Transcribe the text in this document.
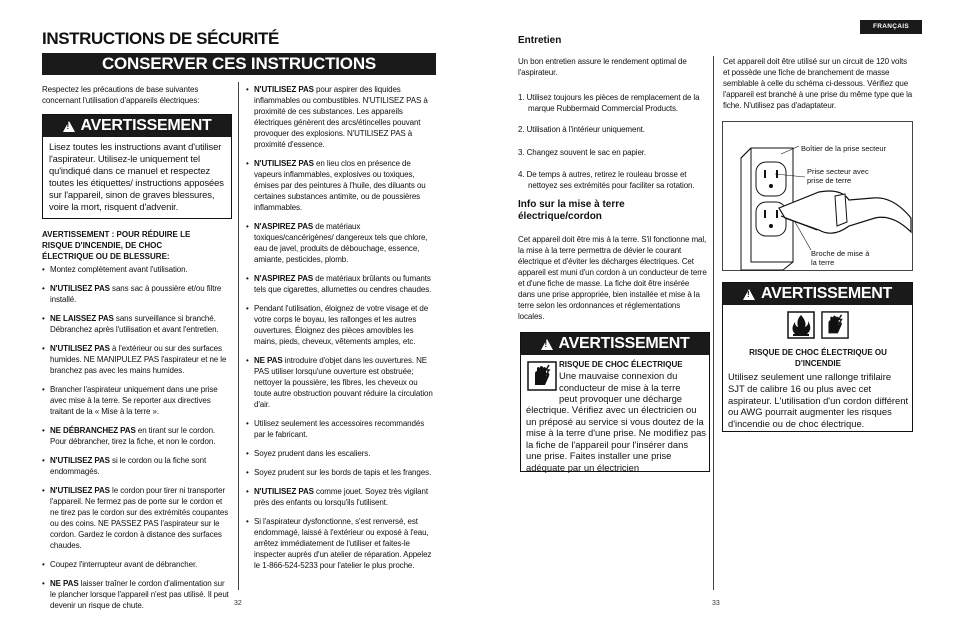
FRANÇAIS
INSTRUCTIONS DE SÉCURITÉ
CONSERVER CES INSTRUCTIONS
Respectez les précautions de base suivantes concernant l'utilisation d'appareils électriques:
!
AVERTISSEMENT
Lisez toutes les instructions avant d'utiliser l'aspirateur. Utilisez-le uniquement tel qu'indiqué dans ce manuel et respectez toutes les étiquettes/ instructions apposées sur l'appareil, sinon de graves blessures, voire la mort, risquent d'advenir.
AVERTISSEMENT : POUR RÉDUIRE LE RISQUE D'INCENDIE, DE CHOC ÉLECTRIQUE OU DE BLESSURE:
• Montez complètement avant l'utilisation.
• N'UTILISEZ PAS sans sac à poussière et/ou filtre installé.
• NE LAISSEZ PAS sans surveillance si branché. Débranchez après l'utilisation et avant l'entretien.
• N'UTILISEZ PAS à l'extérieur ou sur des surfaces humides. NE MANIPULEZ PAS l'aspirateur et ne le branchez pas avec les mains humides.
• Brancher l'aspirateur uniquement dans une prise avec mise à la terre. Se reporter aux directives traitant de la « Mise à la terre ».
• NE DÉBRANCHEZ PAS en tirant sur le cordon. Pour débrancher, tirez la fiche, et non le cordon.
• N'UTILISEZ PAS si le cordon ou la fiche sont endommagés.
• N'UTILISEZ PAS le cordon pour tirer ni transporter l'appareil. Ne fermez pas de porte sur le cordon et ne tirez pas le cordon sur des extrémités coupantes ou des coins. NE PASSEZ PAS l'aspirateur sur le cordon. Gardez le cordon à distance des surfaces chaudes.
• Coupez l'interrupteur avant de débrancher.
• NE PAS laisser traîner le cordon d'alimentation sur le plancher lorsque l'appareil n'est pas utilisé. Il peut devenir un risque de chute.
• N'UTILISEZ PAS pour aspirer des liquides inflammables ou combustibles. N'UTILISEZ PAS à proximité de ces substances. Les appareils électriques génèrent des arcs/étincelles pouvant provoquer des explosions. N'UTILISEZ PAS à proximité d'essence.
• N'UTILISEZ PAS en lieu clos en présence de vapeurs inflammables, explosives ou toxiques, émises par des peintures à l'huile, des diluants ou certaines substances antimite, ou de poussières inflammables.
• N'ASPIREZ PAS de matériaux toxiques/cancérigènes/ dangereux tels que chlore, eau de javel, produits de débouchage, essence, amiante, pesticides, plomb.
• N'ASPIREZ PAS de matériaux brûlants ou fumants tels que cigarettes, allumettes ou cendres chaudes.
• Pendant l'utilisation, éloignez de votre visage et de votre corps le boyau, les rallonges et les autres ouvertures. Éloignez des pièces amovibles les mains, pieds, cheveux, vêtements amples, etc.
• NE PAS introduire d'objet dans les ouvertures. NE PAS utiliser lorsqu'une ouverture est obstruée; nettoyer la poussière, les fibres, les cheveux ou toute autre obstruction pouvant réduire la circulation d'air.
• Utilisez seulement les accessoires recommandés par le fabricant.
• Soyez prudent dans les escaliers.
• Soyez prudent sur les bords de tapis et les franges.
• N'UTILISEZ PAS comme jouet. Soyez très vigilant près des enfants ou lorsqu'ils l'utilisent.
• Si l'aspirateur dysfonctionne, s'est renversé, est endommagé, laissé à l'extérieur ou exposé à l'eau, arrêtez immédiatement de l'utiliser et faites-le inspecter auprès d'un atelier de réparation. Appelez le 1-866-524-5233 pour l'atelier le plus proche.
32
Entretien
Un bon entretien assure le rendement optimal de l'aspirateur.
1. Utilisez toujours les pièces de remplacement de la marque Rubbermaid Commercial Products.
2. Utilisation à l'intérieur uniquement.
3. Changez souvent le sac en papier.
4. De temps à autres, retirez le rouleau brosse et nettoyez ses extrémités pour faciliter sa rotation.
Info sur la mise à terre électrique/cordon
Cet appareil doit être mis à la terre. S'il fonctionne mal, la mise à la terre permettra de dévier le courant électrique et d'éviter les décharges électriques. Cet appareil est muni d'un cordon à un conducteur de terre et d'une fiche de masse. La fiche doit être insérée dans une prise appropriée, bien installée et mise à la terre selon les ordonnances et réglementations locales.
!
AVERTISSEMENT
RISQUE DE CHOC ÉLECTRIQUE
Une mauvaise connexion du conducteur de mise à la terre peut provoquer une décharge
électrique. Vérifiez avec un électricien ou un préposé au service si vous doutez de la mise à la terre d'une prise. Ne modifiez pas la fiche de l'appareil pour l'insérer dans une prise. Faites installer une prise adéquate par un électricien
33
Cet appareil doit être utilisé sur un circuit de 120 volts et possède une fiche de branchement de masse semblable à celle du schéma ci-dessous. Vérifiez que l'appareil est branché à une prise du même type que la fiche. N'utilisez pas d'adaptateur.
Boîtier de la prise secteur
Prise secteur avec prise de terre
Broche de mise à la terre
!
AVERTISSEMENT
RISQUE DE CHOC ÉLECTRIQUE OU D'INCENDIE
Utilisez seulement une rallonge trifilaire SJT de calibre 16 ou plus avec cet aspirateur. L'utilisation d'un cordon différent ou AWG pourrait augmenter les risques d'incendie ou de choc électrique.
